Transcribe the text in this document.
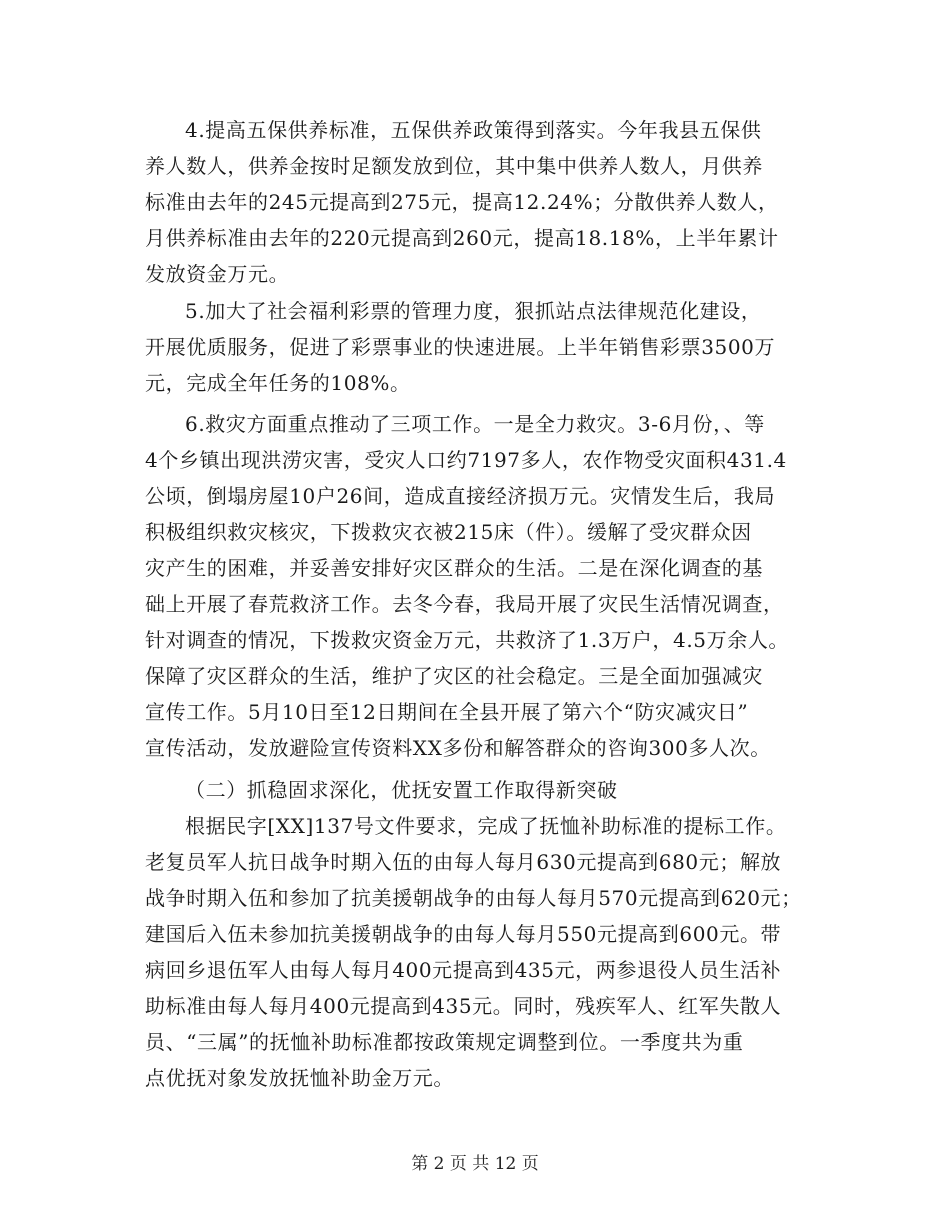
4.提高五保供养标准，五保供养政策得到落实。今年我县五保供
养人数人，供养金按时足额发放到位，其中集中供养人数人，月供养
标准由去年的245元提高到275元，提高12.24%；分散供养人数人，
月供养标准由去年的220元提高到260元，提高18.18%，上半年累计
发放资金万元。
5.加大了社会福利彩票的管理力度，狠抓站点法律规范化建设，
开展优质服务，促进了彩票事业的快速进展。上半年销售彩票3500万
元，完成全年任务的108%。
6.救灾方面重点推动了三项工作。一是全力救灾。3-6月份，、等
4个乡镇出现洪涝灾害，受灾人口约7197多人，农作物受灾面积431.4
公顷，倒塌房屋10户26间，造成直接经济损万元。灾情发生后，我局
积极组织救灾核灾，下拨救灾衣被215床（件）。缓解了受灾群众因
灾产生的困难，并妥善安排好灾区群众的生活。二是在深化调查的基
础上开展了春荒救济工作。去冬今春，我局开展了灾民生活情况调查，
针对调查的情况，下拨救灾资金万元，共救济了1.3万户，4.5万余人。
保障了灾区群众的生活，维护了灾区的社会稳定。三是全面加强减灾
宣传工作。5月10日至12日期间在全县开展了第六个“防灾减灾日”
宣传活动，发放避险宣传资料XX多份和解答群众的咨询300多人次。
（二）抓稳固求深化，优抚安置工作取得新突破
根据民字[XX]137号文件要求，完成了抚恤补助标准的提标工作。
老复员军人抗日战争时期入伍的由每人每月630元提高到680元；解放
战争时期入伍和参加了抗美援朝战争的由每人每月570元提高到620元；
建国后入伍未参加抗美援朝战争的由每人每月550元提高到600元。带
病回乡退伍军人由每人每月400元提高到435元，两参退役人员生活补
助标准由每人每月400元提高到435元。同时，残疾军人、红军失散人
员、“三属”的抚恤补助标准都按政策规定调整到位。一季度共为重
点优抚对象发放抚恤补助金万元。
第 2 页 共 12 页
